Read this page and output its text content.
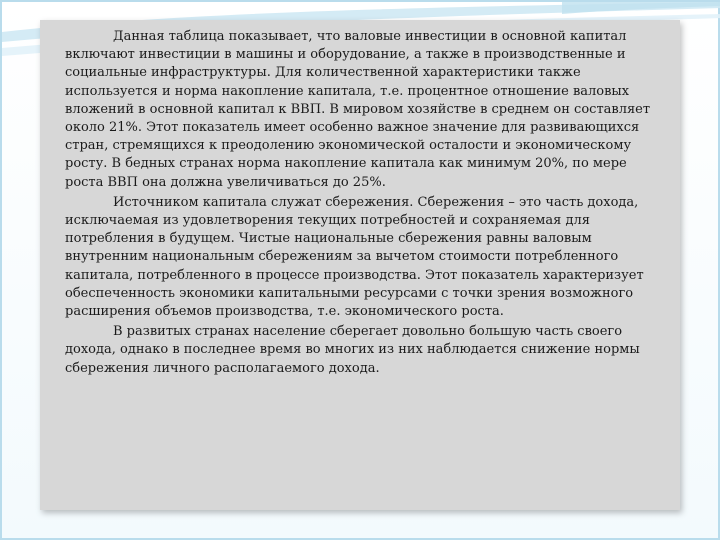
Данная таблица показывает, что валовые инвестиции в основной капитал включают инвестиции в машины и оборудование, а также в производственные и социальные инфраструктуры. Для количественной характеристики также используется и норма накопление капитала, т.е. процентное отношение валовых вложений в основной капитал к ВВП. В мировом хозяйстве в среднем он составляет около 21%. Этот показатель имеет особенно важное значение для развивающихся стран, стремящихся к преодолению экономической осталости и экономическому росту. В бедных странах норма накопление капитала как минимум 20%, по мере роста ВВП она должна увеличиваться до 25%.

Источником капитала служат сбережения. Сбережения – это часть дохода, исключаемая из удовлетворения текущих потребностей и сохраняемая для потребления в будущем. Чистые национальные сбережения равны валовым внутренним национальным сбережениям за вычетом стоимости потребленного капитала, потребленного в процессе производства. Этот показатель характеризует обеспеченность экономики капитальными ресурсами с точки зрения возможного расширения объемов производства, т.е. экономического роста.

В развитых странах население сберегает довольно большую часть своего дохода, однако в последнее время во многих из них наблюдается снижение нормы сбережения личного располагаемого дохода.
